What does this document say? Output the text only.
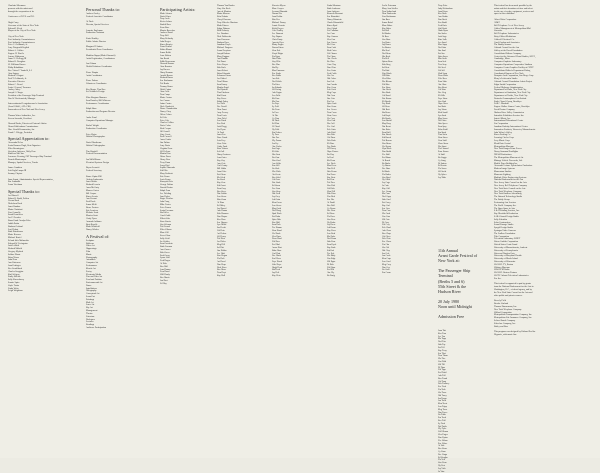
Charlotte Moorman
presents with the artists and
through the cooperation of its

Conference of N.Y.S. and N.J.

Hugh Carey
Governor of the State of New York
Edward I. Koch
Mayor of the City of New York

City of New York
Port Authority Commissioners
Port Authority Commissioners
Peter C. Goldmark, Jr.
Jerry Fitzgerald English
Robert A. Caliber
Eugene H. Hart Jr.
Jeremy Whiteman
James C. Kellogg III
Robert R. Douglass
W. Williams Brown
Philip Kabakbian
Rev. Victor F. Yanitelli, S.J.
Alan Sagner
Richard J. Bogart
Paul T. Goldmark, Jr.
Executive Director
Robert C. Dowd
Louis J. Lanzal, Treasurer
Audrey Aikey
Joseph J. Clinger
President of the Passenger Ship Terminal
Don W. Bockenwirth, Manager

Intercontinental Longshoremen's Association
(Local 1804-1, AFL-CIO)
Ironworkers of New York and New Jersey

Thomas Water Authorities, Inc.
Steven Jaworski, President

Howard Hasko, Director of External Affairs
Hearst Publications Commissioner
Hon. Gerald Proumentius, Jnr.
Frank C. Pilegge, President
Special Appreciation to:
Alexandra Helen
Sonia Baranne Hugh, Best Organizer
Ellen Bermingerer
Gretchen Andersen, Holly Finn
Kathleen McClure
Lawrence Deaning, PST Passenger Ship Terminal
Pamela Montemayor
Manager, Spatial Services, Trucks

James Cambton
Soft Light Lamps III
Sammy Clayton

Isaac Smart, Administrative Special Representative,
Rae Lutkatski
Laura Vicolman
Special Thanks to:
Joel Borzell
Robert R. Rudd, Pohlen
Verena Bach
Nicholson Bach
Jarret Bundan
Maria Christiani
Lisa Connolly
Sarah Deaniwicz
Joe F. Dressler
Russell and Carolyn Ecke
Judith Estrin
Barbara Gerbard
Lori Herbst
Ruth Hutchinson
Marie Koerner
Michael Kuriel
Ed and Julie Malmeskie
Edward W. Livingston
Jack LaWolf
Richard Molnik
Gregory Mylsted
Sahbro Nisrut
Brian Nixon
John Nora
Ann Patterson
Joan Pottinger
Rex Sendelbach
Charles Scoggins
Karl Seligers
Emily Shields
Sally Shrewsberry
Sunnie Spiro
Gayle Trotta
Linda Weitz
Leigh Wrightson
Personal Thanks to:
Andrew Gurley
Festival Associate Coordinator

Al Frick
Director, Special Services

Jennette Engleman
Production Assistant

Sissie Bradley
Public Affairs Director

Margaret H.Sutton
Presidential Press Coordinator

Matthias Rapps (Mark Glazaroff)
Artist Registration, Coordinators

Jon Gilman
Health Relations Coordinator

Pierre Naquia
Artist Coordinator

Pierre Palmer
Volunteers Coordinator

Ken Ringer, Tian Kuo
Set Volunteer Design

Elias Shagrun-Hammer
Sam Hartzler, Bill Whitener
Performance Coordinators

Ralph Shaw
Production and Program Director

Andre Pund
Computer Operations Manager

Rachel Wright
Production Coordinator

Peter Woiso
Official Photographer

David Hawthorne
Official Videographer

Tim Woodall
Festival Documentation

Jan McWilliams
Electrical Systems Design

Bryon Leonetti
Festival Secretary

Rome Alpine-Hill
Aldreta Lankenstin
Janet Hohler
Richard Lorwin
Anna McCarty
Marcos Cortez
Bill Cooper
Karen Lenoir
Ann Perrant
Paul Hook
Susan Melfi
Bruce Preston
Eric Lemieux
Melanie Scott
Monica Scott
Cindy Tyner
Amanda Ashburn
Brett Rozelle
Mark Whitfield
Nancy Wissler
A Festival of:
Sculpture
Balloons
Video Art
Happenings
Film
Music
Photography
Animation
Computer Art
Performance
Kinetic Art
Poetry
Electronic Media
Fine and Fiber Art
Food and Fashion
Environmental Art
Dance
Installations
Holography
Conceptual Art
Sound Art
Paintings
Mail Art
Laser Art
Sky Art
Management
Theatre
Literature
Dialogues
Lectures
Readings
Audience Participation
Participating Artists:
Mark Alvarez
David Alper
Tony Aron
Kevin Ashaer
Rudolf Baer
Evan Baer
Marcia Barcelow
Andrew Bartel
Tony Bell
Mary Belinsky
John Berger
Karen Bernier
Franc Berthel
Robin Blount
Susan Boldt
Jesse Bolton
Jim Booth
Edith Bowerman
Howard Bramer
Alan Braxton
Jay Brewer
Harry Broman
Arnold Brown
Richard Bruns
Sue Buchanan
Ted Burks
Tommy Burns
Heidi Cairns
Alan Calle
Tom Camp
Marie Cantor
Joe Carson
Jaime Castro
Herb Chadwick
Diane Chamberlain
Nancy Choy
Helen Cohen
Ed Cole
Peter Cole
Charles Collins
Doris Colon
Rich Cooper
Jill Cornell
Gary Cowie
Paul Crowell
Anna Curtin
Jim Dalton
Jerry Davis
Virginia Dean
Gil DeLuca
Martin Diaz
Heinz Doerr
Henry Dow
Terry Dunn
Larry Ebel
Sophie Edmonds
Sid Ellis
Mary Endicott
Eric Evans
Loris Evans
Kazuyuki Fais
George Fabian
Donald Farina
Ralph Fenn
Lee Fielding
Jane Fisher
Roger Fletcher
John Fong
Mike Foster
Peter Franco
Sonia Freeman
Ida Fuller
Carol Gable
Elliott Gale
Rosa Garcia
Gus Gelman
Ted Gerard
Ellen Gibson
Marc Gill
Steve Glass
Sally Gold
Irv Golden
Sam Goodwin
Ruth Gorman
Ann Graves
Bob Green
Paul Gross
Lynne Gull
Fred Hagen
Al Hale
Ben Hall
Jean Hamm
Fern Hand
Will Hardy
Bea Harris
Jon Hart
Lil Hay
Thomas Van Baalen
Gary Van Beek
Ann de Martino
Maria Moreno
Rein Dubois
Cheryl Dawson
Tony Wheeler-Harrison
Mark Dineen
Edgar Dittmar
Rich Doherty
Lee Donahue
Nick Dolkowitz
Jane Donovan
Barbara Dove
Jonathan Doyle
Michael Dragoon
Laura Dreyfuss
Joseph Dubner
Mary Duggan
Ann Dunbar
Ted Durst
Peter Dwyer
Bob Earle
Janet Eckert
Brian Edwards
Solomon Eisner
Joe Eldred
Tom Ellison
Sam Emery
Martha Engel
Ned Epstein
Tina Erickson
Karl Ernst
Roy Evers
Ralph Fahey
Leo Falk
Dee Farrell
Nina Faust
Amy Feeney
Tom Ferris
Alan Field
Lou Finch
Eva Fink
Jack Flagg
Liz Flynn
Al Ford
Janet Fox
Dave Frank
Lois Frey
Gene Fritz
Cathy Funk
Rose Gaines
Sol Gall
Harry Garrison
Jean Gates
Roy Gay
Ann Geis
Carl Gentry
Bill Gibbs
Joan Giles
Pat Glenn
Mel Goff
Ira Good
Kay Gore
Sid Grant
Pam Gray
Ben Greer
Nat Griffin
Lou Gross
Rita Gunn
Al Haas
Ed Haley
Joy Hamel
Ann Hanna
Rob Harmon
Dan Harper
Ken Hass
Sue Haynes
Lyn Heald
Ian Hecht
Val Hein
Ari Helms
Gil Henry
Ted Hess
Joe Hicks
Meg Hill
Sal Hirt
Jim Hobbs
Lee Hoff
Ron Hogan
Flo Holt
Art Hood
Nan Hope
Dick Horn
Bea Howe
Tom Hoyt
Kay Hull
Sherwin Myers
Marc Cooper
Leonard Dimmitt
Norma Dix
Joan Dobbs
Rita Doe
Michael Donny
Jennie Downie
Keith Dreyer
Cole Dudley
Lee Dumont
Fay Dupree
Chris Dusty
Annette Dyer
Marty Eagan
Donna Eaton
Gina Eck
Lloyd Edgar
Pia Egan
Otto Elder
Guy Ellis
Bev Elm
Ida Ely
Max Emmons
Zoe Engle
Rex Ennis
Ava Erb
Ned Eslick
Tia Etter
Ira Eubank
Gil Ewing
Ada Fagan
Len Falls
Kit Fane
Mo Farr
Lu Faye
Sy Feld
Bo Fenn
Jo Fern
Al Fife
Cy Finn
Di Fitch
Ed Flint
Vi Flood
Hy Folk
Em Forbes
Ty Foss
Ora Fox
Uly Frame
Iva Fry
Abe Fuchs
Ina Gage
Eli Gale
Ola Gant
Ike Garr
Una Gaul
Asa Gebb
Ena Gill
Oz Gish
Ula Glick
Ab Goetz
Bea Gold
Cal Goss
Dot Grab
Ed Gram
Fae Grau
Gus Gray
Hal Greb
Ivy Grey
Jed Grim
Kim Gross
Lon Grove
May Guth
Ned Haag
Opal Hack
Pat Hahn
Quin Hale
Roz Hall
Sam Hals
Tex Hamm
Uma Hand
Vic Hank
Wes Hans
Xena Hard
Yul Hare
Zed Harl
Amos Hart
Babs Hass
Carl Hatt
Dee Hauk
Earl Havs
Faye Hawk
Gale Hays
Hugh Head
Ida Heck
Jay Heil
Kay Hein
Linda Montano
Ruth Anderson
Joan Andrews
Kenneth Pheasant
Sue Bianchini
Nancy Blaustein
Chuck Bloomfield
Karen Byrd
Guy Cabral
Liz Callahan
Joe Cane
Ray Cannon
Wes Carr
Luz Carver
Mel Case
Pam Cash
Rich Cates
Val Chance
Tia Chase
Abe Cheek
Bo Chin
Cora Clay
Dan Cline
Eva Coats
Fred Cobb
Gia Coe
Hal Coker
Ina Cole
Jon Combs
Kay Conn
Lou Cook
Meg Cope
Nat Corn
Ora Cote
Pia Cox
Quin Craft
Ron Crane
Sue Crews
Tom Cross
Uma Crow
Vic Cruz
Wes Cuff
Xia Cull
Yve Curl
Zeb Cutts
Ada Dahl
Ben Dale
Cid Dane
Deb Dark
Eli Darr
Fay Daub
Gil Davey
Hope Dawes
Ike Day
Jo Deal
Kit Dean
Lee Deck
Max Deen
Nan Dell
Otis Demo
Pru Denn
Rae Dent
Sal Derr
Ted Dew
Una Dial
Val Dick
Wyn Dill
Xan Dion
Yan Dirk
Zoe Dix
Al Dodd
Bea Doll
Cy Doms
Dee Dorr
Ed Doss
Flo Dove
Gus Dow
Hy Drake
Ivy Drew
Jed Drum
Kay Duce
Lon Duff
Mo Duke
Ned Dunn
Oda Durr
Pam Dyck
Ray Eads
Sid Earl
Tex Eck
Ula Eddy
Van Edge
Wil Egan
Xi Eich
Yul Elam
Zed Elk
Abe Ely
Bo Emig
Leslie Peterman
Mary Ann Seidler
Tom Sutherland
Nina Yankowitz
Lisa Bachmann
Jim Baer
Susan Baird
Marc Baker
Kay Bales
Pat Ball
Ed Banks
Di Barr
Gus Bass
Ivy Bates
Jay Bauer
Lu Baxter
Mo Beal
Ned Bean
Ola Beck
Pia Bell
Quinn Benz
Rob Berg
Sal Best
Tia Bird
Ugo Black
Val Blair
Wes Bliss
Xia Bloom
Yul Blue
Zoe Boas
Abe Bock
Bea Bode
Cal Bond
Dot Boone
Eli Booth
Fay Bork
Gil Boss
Hal Bott
Ida Bowe
Jed Boyd
Kit Brady
Lon Brand
May Bray
Nat Brent
Ora Brice
Pam Brill
Rae Brock
Sid Brook
Ted Brown
Una Bruce
Vic Bryan
Wyn Buck
Xan Budd
Yve Bull
Zed Bunn
Al Burch
Bo Burke
Cy Burns
Dee Burr
Ed Bush
Flo Butler
Gus Byrd
Hy Cable
Ivy Cage
Jo Cain
Kay Call
Lee Camp
Mo Cane
Ned Capp
Oda Card
Pat Carey
Ray Carl
Sue Carr
Tom Case
Ula Cash
Van Cass
Wil Cate
Xi Cave
Yul Cely
Zeb Chad
Ada Chan
Ben Chap
Cid Chen
Deb Chin
Eve Chow
Fin Chu
Gia Cid
Hal Clay
Ina Cole
Jon Cook
Kim Cope
Lou Cord
Meg Cory
Nan Coy
Oz Crab
Pru Crum
Tony Price
Judy Richardson
Joan Rizzo
Ken Roth
Ann Rubin
Dan Ruck
Eva Rudd
Fred Ruiz
Gail Rush
Hank Ryan
Iris Sacks
Jack Sage
Kate Salk
Leo Sand
Mae Sapp
Ned Sato
Ora Saul
Pat Sax
Quin Sayre
Rita Scott
Sam Seal
Tess Seay
Uri Seed
Val Sell
Walt Sepp
Xena Shaw
Yale Shea
Zora Shin
Abe Shoe
Bea Short
Cal Shue
Dee Sieg
Eli Sills
Faye Sims
Gus Sink
Hope Sizer
Ian Slade
Joy Sloan
Kirk Small
Lyn Smit
Max Snow
Nell Soto
Otto Speer
Pam Spry
Reba Stahl
Stu Stark
Tina Stein
Uma Stern
Vern Stoll
Wren Stone
Xia Stout
Yoel Strand
Zane Strom
Al Stull
Bo Suggs
Cy Sung
Di Sutton
Ed Swain
Flo Swan
Gil Swift
Hy Sykes
Ivy Tabb
11th Annual
Avant Garde Festival of
New York at:

The Passenger Ship
Terminal
(Berths 5 and 6)
55th Street & the
Hudson River

20 July 1980
Noon until Midnight

Admission Free
Joan Tait
Ken Tam
Lee Tan
Mo Tapp
Ned Tate
Oda Tay
Pat Tell
Ray Terry
Sue Thai
Tom Thom
Ula Tice
Van Tidd
Wil Till
Xi Tims
Yul Tipp
Zed Todd
Ada Toll
Ben Tomb
Cid Tong
Deb Toomey
Eve Tork
Fin Toth
Gia Towe
Hal Tracy
Ina Trapp
Jon Treat
Kim Trent
Lou Tripp
Meg Trow
Nan Truex
Oz Tubb
Pru Tuck
Rex Tull
Sy Turk
Tad Tuttle
Uly Tyler
Val Ullman
Wes Unger
Xan Upton
Yve Urban
Zoe Usher
Al Vale
Bea Vance
Cy Vann
Dee Varga
Ed Vaughn
Flo Veit
Gus Venn
Hy Vest
Ivy Vick
Jo Vine
This festival has been made possible by the
artists and their donations of time and talent
for the use of works, equipment, services and
space in this exhibition.

Albert Vidro Corporation
AT&T
Bell Telephone Co. of New Jersey
Cables Management of Metropolitan/Mid
Gonzalez
Bell Telephone Laboratories
Betty Gilbert Mediations
Caldwell Electrical Co.
Carol Gordon and Associates
The Buddy Scanner
Cultural Council for the Arts
Gallery at the Dowd Foundation
Consolidated Edison Company
Center for the Advanced Visual Studies, M.I.T.,
Cambridge, Mass.
Computer Graphics Laboratory
Computer Operations Cooperative Stadium
Computer Center Graphics Facility at CUNY
Consolidated Editor's Department Dialog
Coordinated Bureau of New York
Dempster Jack Corporation, San Diego Corp.
Merry's Leiderstein Studio
Cultural Council Foundation Artists Project
Edgar Smith Corporation
Federal Highway Administration
Department of Parks, New York City
Department of Sanitation, New York City
Department of Traffic, New York City
Deutsche Grammophon Gesellschaft
Engle Chanel Group, Brooklyn
Fred C. Marshall
Eugene Walker Games Center, Brooklyn
Fareh Horton Company
Hudson River Valley Commission
Interaktiv Exhibition Services Inc.
Intertel Music, Inc.
Intermational Educational Center
Lin Corporation
Jonathan Paulnity International Center
Innovation Products, Worcester, Massachusetts
John Weber's Galley
Koren Packing Co.
Learning Circles Corp.
Levy Music Corp.
Mead Data Central
Metropolitan Museum
New York Ranger Prime Power
Nuzzy Sussman Headlights
NRAM Productions
The Metropolitan Museum of Art
Mintage Vehicle Fireworks, Ltd.
Mobile Pipes Building Inc.
Alexander Leisure Pyrotechnics Production
Modern Image Systems
Momentum Studios
Momenta Lighting
Multiple Video Engineering Systems
National Endowment for the Arts
New Jersey State Council on the Arts
New Jersey Bell Telephone Company
New York State Council on the Arts
New York Telephone Company
New York Outdoor Advertising
The Ontrack Technology Studio
The Paddy Group
Performing Arts Services
The Pirelli Company Inc.
The Open Space in Arts
S & H Printing Services, Inc.
Ray Hirschfield Production
SARA Sound Design Studio
Sally Sibertkin
Solar Construction
Sound Passage Studio
Spegal Design Studio
Syntagm Video Cameras
The Ludlow Foundation
Tide Corporation
Television Laboratory WNET
Union Carbide Corporation
United States Coast Guard
University of Massachusetts, Amherst
University of Pennsylvania
Universal Nautical Arts
University of Maryland Florida
University of Rhode Island
University of Wisconsin
W.G.B.H. TV, Boston
Whitney Museum
WBAI-FM Radio
W.G.B.H. Boston Fixtures
WGTV Atlanta Television Laboratories
Zoe Inc.
This festival is supported in part by grants
from the National Endowment for the Arts in
Washington, D.C., a federal agency, and by
the New York State Council on the Arts and
other public and private sources.
Beverly Field
Brooke Garland
Thomas Zimmerman, Inc.
New York Telephone Company
Willard Corporation
Metropolitan Transportation Company, Inc.
Metropolitan Life Insurance Company, Inc.
Seltzer Ranch Company
Silverlaw Company, Inc.
Bailey and Bow
This program was designed by Richard Evellor
Dlypsafe, with music line.
